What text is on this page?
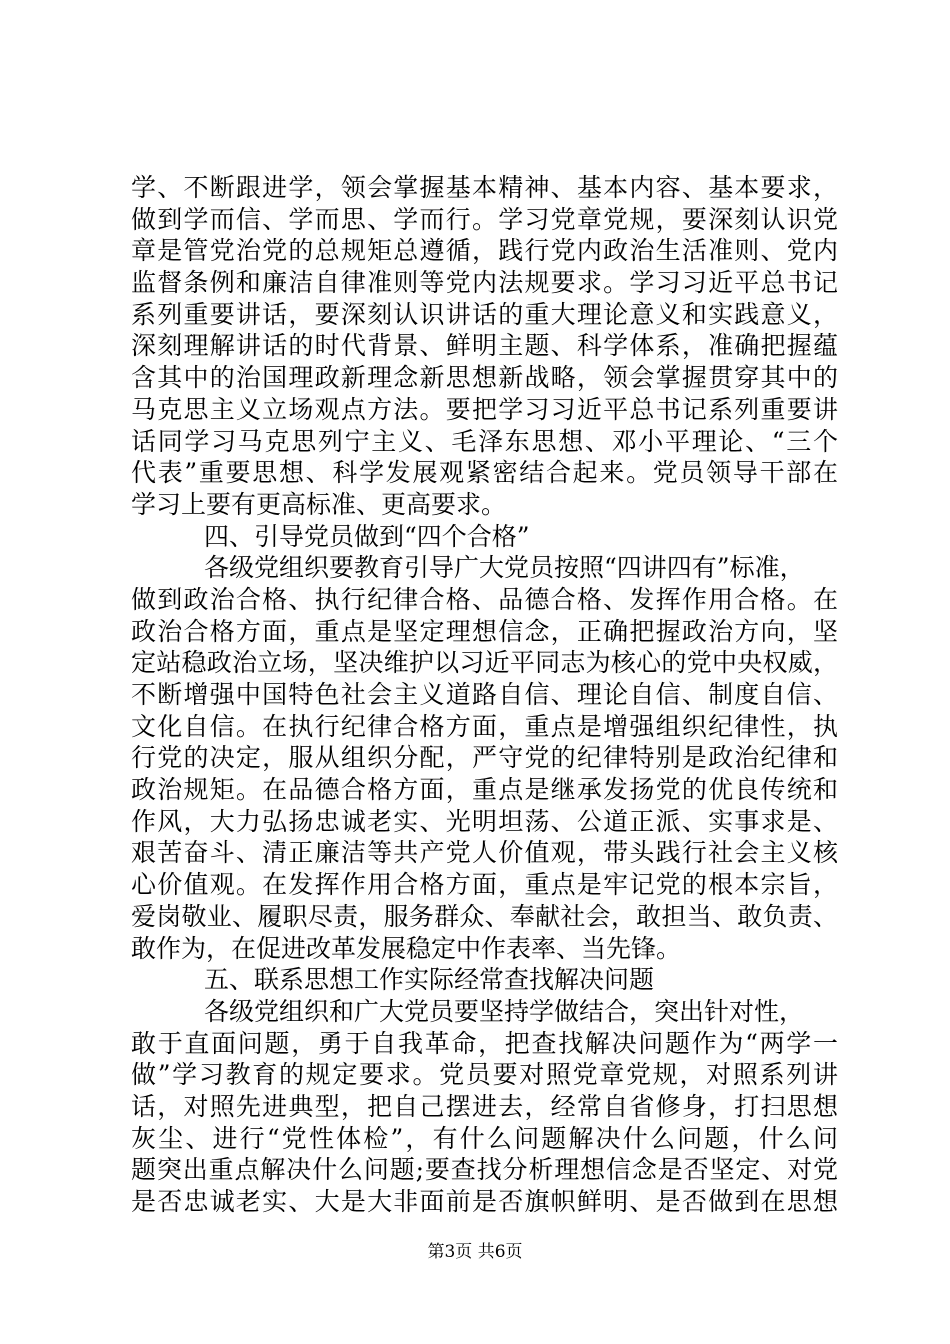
学、不断跟进学，领会掌握基本精神、基本内容、基本要求，
做到学而信、学而思、学而行。学习党章党规，要深刻认识党
章是管党治党的总规矩总遵循，践行党内政治生活准则、党内
监督条例和廉洁自律准则等党内法规要求。学习习近平总书记
系列重要讲话，要深刻认识讲话的重大理论意义和实践意义，
深刻理解讲话的时代背景、鲜明主题、科学体系，准确把握蕴
含其中的治国理政新理念新思想新战略，领会掌握贯穿其中的
马克思主义立场观点方法。要把学习习近平总书记系列重要讲
话同学习马克思列宁主义、毛泽东思想、邓小平理论、“三个
代表”重要思想、科学发展观紧密结合起来。党员领导干部在
学习上要有更高标准、更高要求。
四、引导党员做到“四个合格”
各级党组织要教育引导广大党员按照“四讲四有”标准，
做到政治合格、执行纪律合格、品德合格、发挥作用合格。在
政治合格方面，重点是坚定理想信念，正确把握政治方向，坚
定站稳政治立场，坚决维护以习近平同志为核心的党中央权威，
不断增强中国特色社会主义道路自信、理论自信、制度自信、
文化自信。在执行纪律合格方面，重点是增强组织纪律性，执
行党的决定，服从组织分配，严守党的纪律特别是政治纪律和
政治规矩。在品德合格方面，重点是继承发扬党的优良传统和
作风，大力弘扬忠诚老实、光明坦荡、公道正派、实事求是、
艰苦奋斗、清正廉洁等共产党人价值观，带头践行社会主义核
心价值观。在发挥作用合格方面，重点是牢记党的根本宗旨，
爱岗敬业、履职尽责，服务群众、奉献社会，敢担当、敢负责、
敢作为，在促进改革发展稳定中作表率、当先锋。
五、联系思想工作实际经常查找解决问题
各级党组织和广大党员要坚持学做结合，突出针对性，
敢于直面问题，勇于自我革命，把查找解决问题作为“两学一
做”学习教育的规定要求。党员要对照党章党规，对照系列讲
话，对照先进典型，把自己摆进去，经常自省修身，打扫思想
灰尘、进行“党性体检”，有什么问题解决什么问题，什么问
题突出重点解决什么问题;要查找分析理想信念是否坚定、对党
是否忠诚老实、大是大非面前是否旗帜鲜明、是否做到在思想
第3页 共6页
